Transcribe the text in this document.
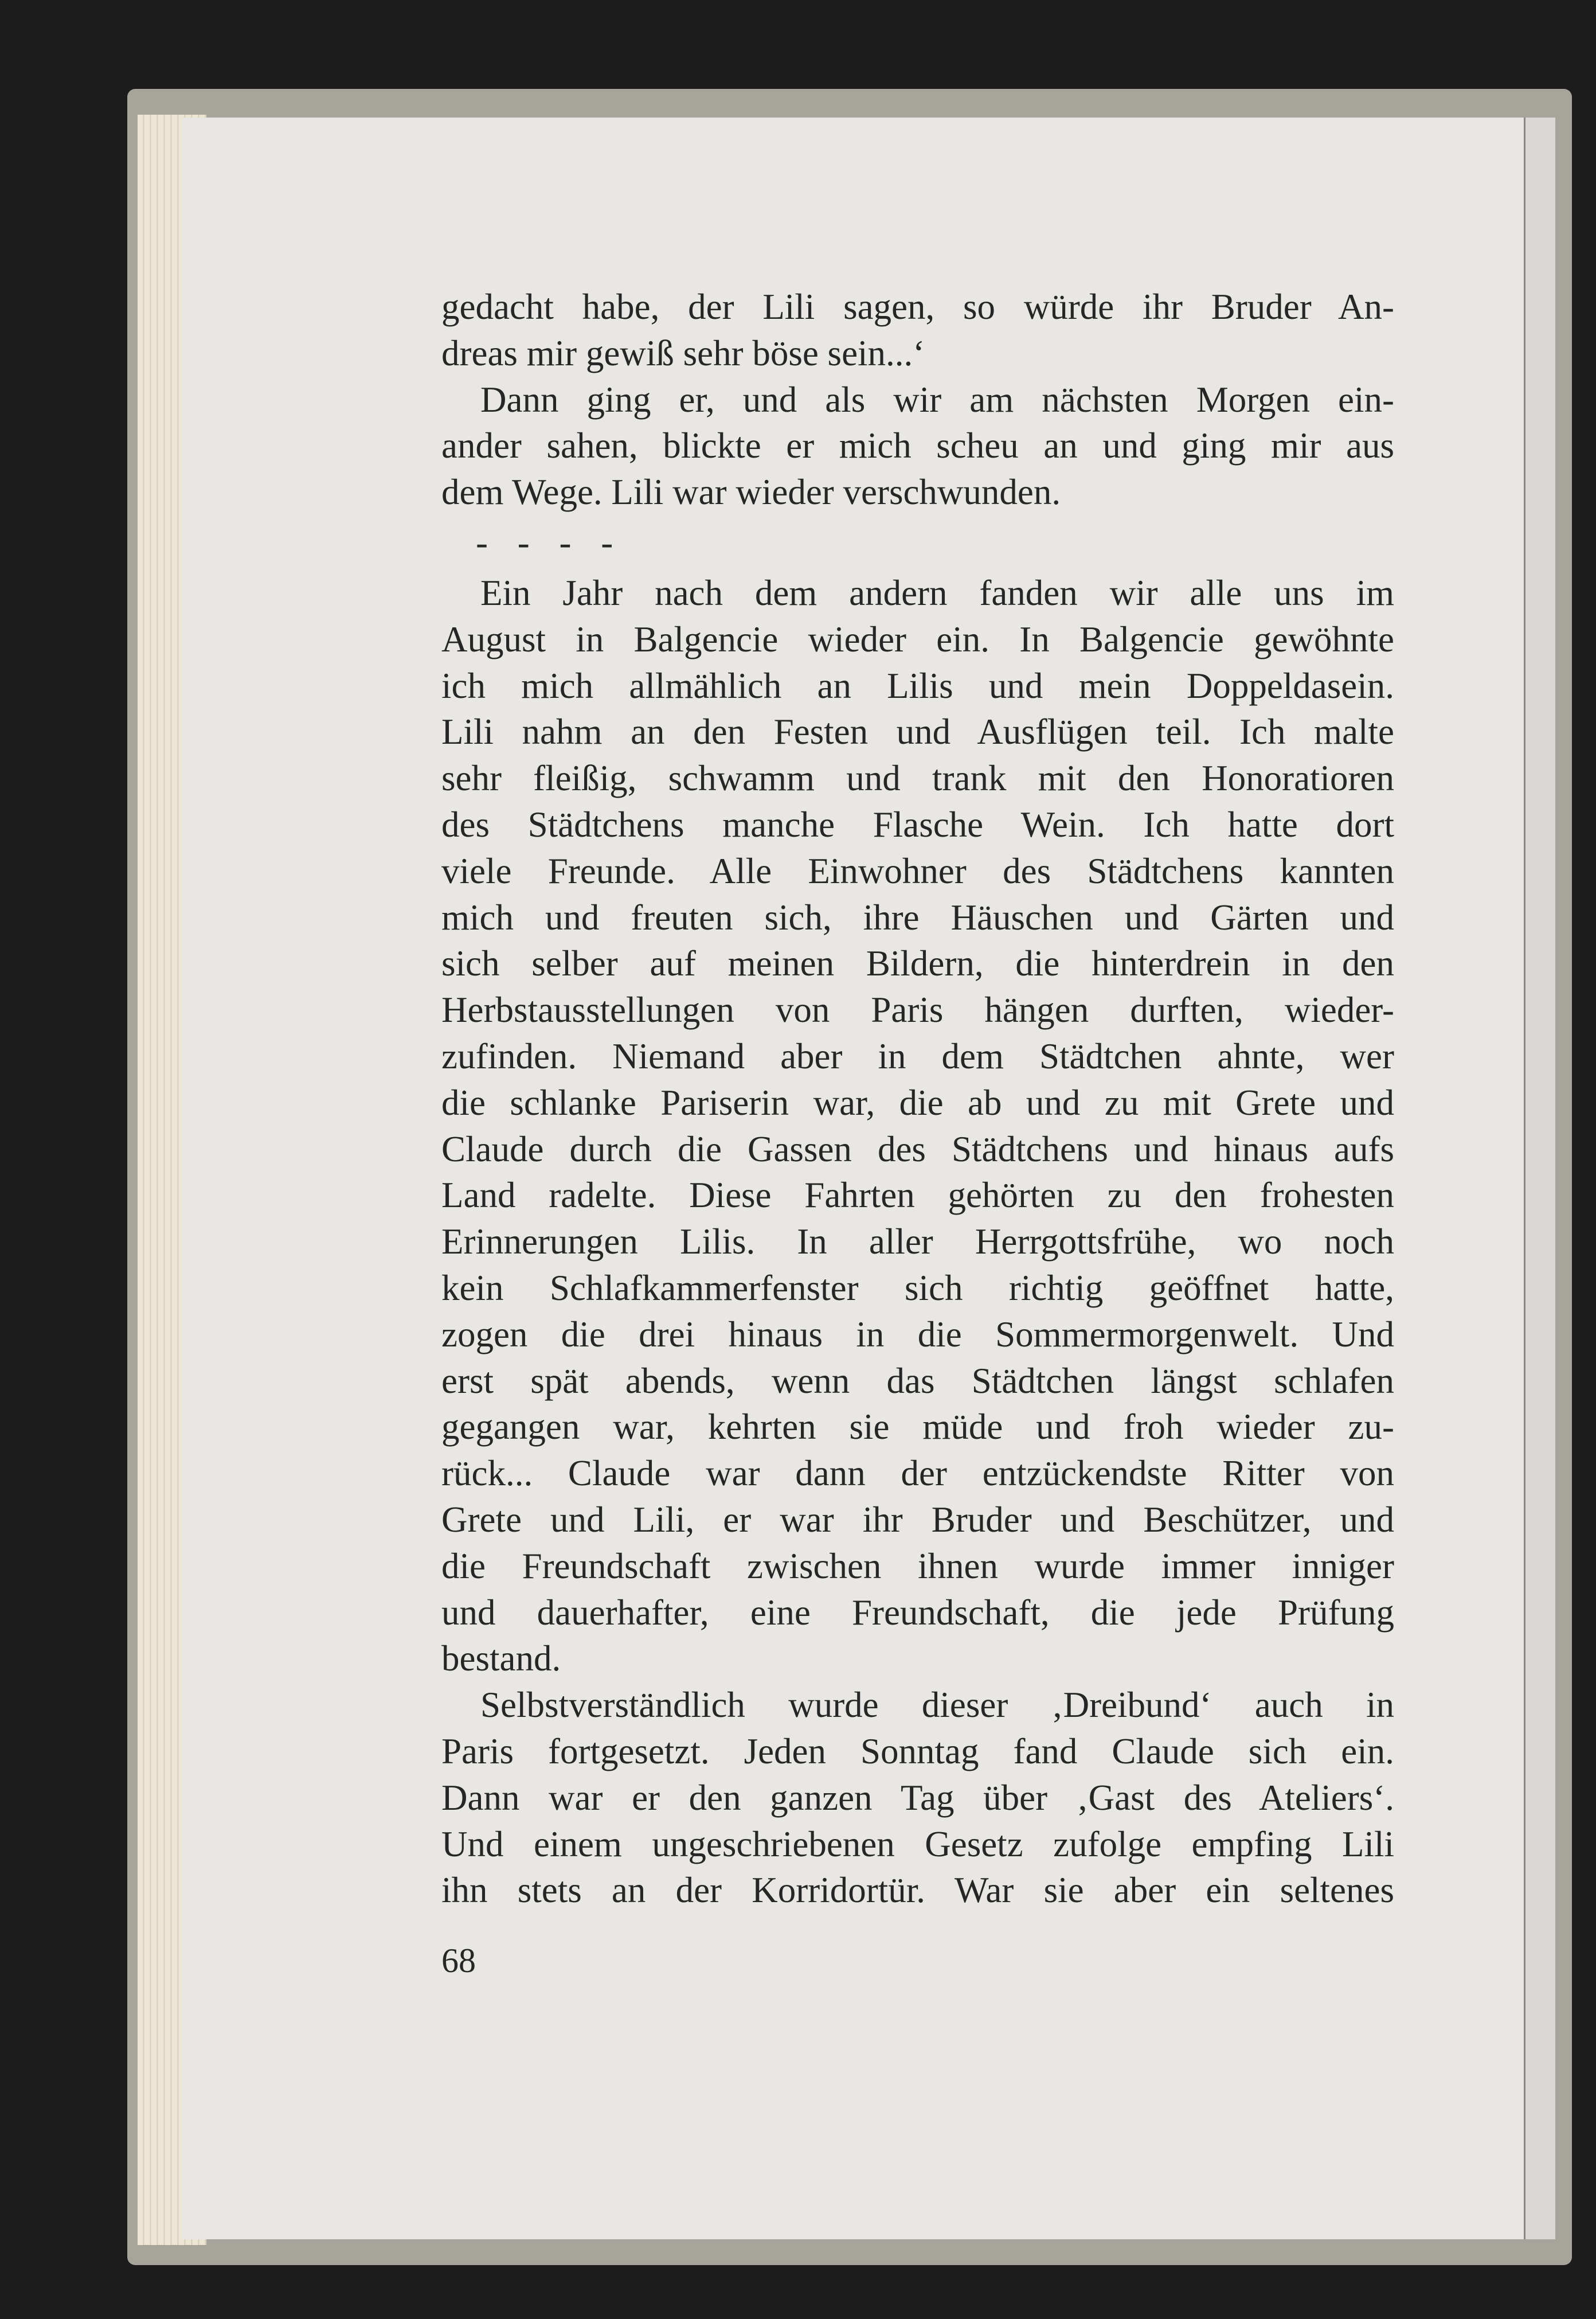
gedacht habe, der Lili sagen, so würde ihr Bruder An-
dreas mir gewiß sehr böse sein...‘
Dann ging er, und als wir am nächsten Morgen ein-
ander sahen, blickte er mich scheu an und ging mir aus
dem Wege. Lili war wieder verschwunden.
- - - -
Ein Jahr nach dem andern fanden wir alle uns im
August in Balgencie wieder ein. In Balgencie gewöhnte
ich mich allmählich an Lilis und mein Doppeldasein.
Lili nahm an den Festen und Ausflügen teil. Ich malte
sehr fleißig, schwamm und trank mit den Honoratioren
des Städtchens manche Flasche Wein. Ich hatte dort
viele Freunde. Alle Einwohner des Städtchens kannten
mich und freuten sich, ihre Häuschen und Gärten und
sich selber auf meinen Bildern, die hinterdrein in den
Herbstausstellungen von Paris hängen durften, wieder-
zufinden. Niemand aber in dem Städtchen ahnte, wer
die schlanke Pariserin war, die ab und zu mit Grete und
Claude durch die Gassen des Städtchens und hinaus aufs
Land radelte. Diese Fahrten gehörten zu den frohesten
Erinnerungen Lilis. In aller Herrgottsfrühe, wo noch
kein Schlafkammerfenster sich richtig geöffnet hatte,
zogen die drei hinaus in die Sommermorgenwelt. Und
erst spät abends, wenn das Städtchen längst schlafen
gegangen war, kehrten sie müde und froh wieder zu-
rück... Claude war dann der entzückendste Ritter von
Grete und Lili, er war ihr Bruder und Beschützer, und
die Freundschaft zwischen ihnen wurde immer inniger
und dauerhafter, eine Freundschaft, die jede Prüfung
bestand.
Selbstverständlich wurde dieser ‚Dreibund‘ auch in
Paris fortgesetzt. Jeden Sonntag fand Claude sich ein.
Dann war er den ganzen Tag über ‚Gast des Ateliers‘.
Und einem ungeschriebenen Gesetz zufolge empfing Lili
ihn stets an der Korridortür. War sie aber ein seltenes
68
